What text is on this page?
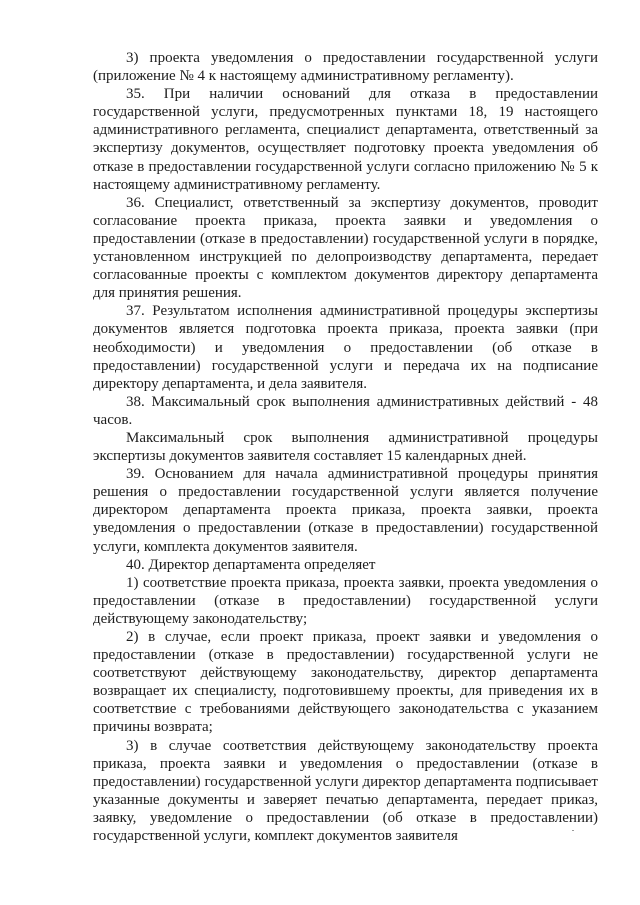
3) проекта уведомления о предоставлении государственной услуги (приложение № 4 к настоящему административному регламенту).

35. При наличии оснований для отказа в предоставлении государственной услуги, предусмотренных пунктами 18, 19 настоящего административного регламента, специалист департамента, ответственный за экспертизу документов, осуществляет подготовку проекта уведомления об отказе в предоставлении государственной услуги согласно приложению № 5 к настоящему административному регламенту.

36. Специалист, ответственный за экспертизу документов, проводит согласование проекта приказа, проекта заявки и уведомления о предоставлении (отказе в предоставлении) государственной услуги в порядке, установленном инструкцией по делопроизводству департамента, передает согласованные проекты с комплектом документов директору департамента для принятия решения.

37. Результатом исполнения административной процедуры экспертизы документов является подготовка проекта приказа, проекта заявки (при необходимости) и уведомления о предоставлении (об отказе в предоставлении) государственной услуги и передача их на подписание директору департамента, и дела заявителя.

38. Максимальный срок выполнения административных действий - 48 часов.

Максимальный срок выполнения административной процедуры экспертизы документов заявителя составляет 15 календарных дней.

39. Основанием для начала административной процедуры принятия решения о предоставлении государственной услуги является получение директором департамента проекта приказа, проекта заявки, проекта уведомления о предоставлении (отказе в предоставлении) государственной услуги, комплекта документов заявителя.

40. Директор департамента определяет

1) соответствие проекта приказа, проекта заявки, проекта уведомления о предоставлении (отказе в предоставлении) государственной услуги действующему законодательству;

2) в случае, если проект приказа, проект заявки и уведомления о предоставлении (отказе в предоставлении) государственной услуги не соответствуют действующему законодательству, директор департамента возвращает их специалисту, подготовившему проекты, для приведения их в соответствие с требованиями действующего законодательства с указанием причины возврата;

3) в случае соответствия действующему законодательству проекта приказа, проекта заявки и уведомления о предоставлении (отказе в предоставлении) государственной услуги директор департамента подписывает указанные документы и заверяет печатью департамента, передает приказ, заявку, уведомление о предоставлении (об отказе в предоставлении) государственной услуги, комплект документов заявителя
